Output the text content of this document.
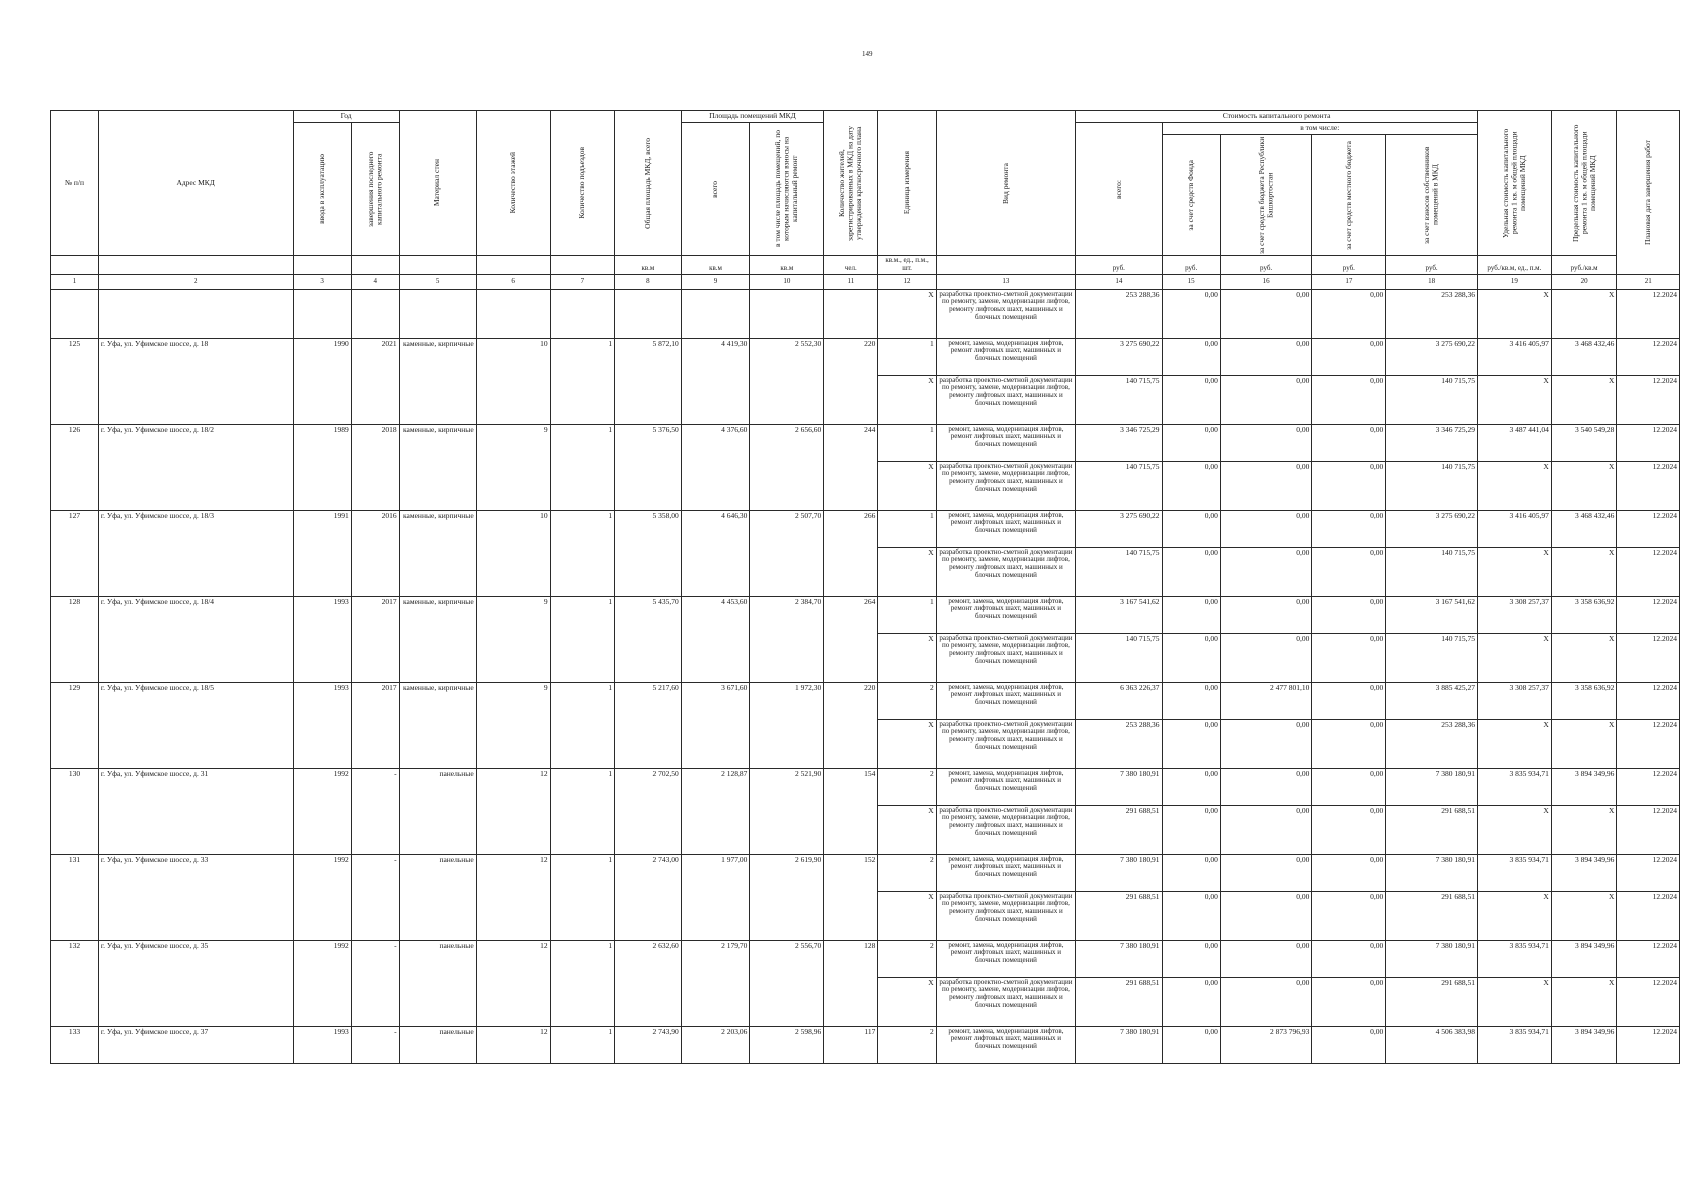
149
№ п/п	Адрес МКД	Год		Материал стен	Количество этажей	Количество подъездов	Общая площадь МКД, всего	Площадь помещений МКД		Количество жителей, зарегистрированных в МКД на дату утверждения краткосрочного плана	Единица измерения	Вид ремонта	Стоимость капитального ремонта					Удельная стоимость капитального ремонта 1 кв. м общей площади помещений МКД	Предельная стоимость капитального ремонта 1 кв. м общей площади помещений МКД	Плановая дата завершения работ

		ввода в эксплуатацию	завершения последнего капитального ремонта					всего	в том числе площадь помещений, по которым начисляются взносы на капитальный ремонт				всего:	в том числе:						

														за счет средств Фонда	за счет средств бюджета Республики Башкортостан	за счет средств местного бюджета	за счет взносов собственников помещений в МКД			

							кв.м	кв.м	кв.м	чел.	кв.м., ед., п.м., шт.		руб.	руб.	руб.	руб.	руб.	руб./кв.м, ед., п.м.	руб./кв.м	
1	2	3	4	5	6	7	8	9	10	11	12	13	14	15	16	17	18	19	20	21
											X	разработка проектно-сметной документации по ремонту, замене, модернизации лифтов, ремонту лифтовых шахт, машинных и блочных помещений	253 288,36	0,00	0,00	0,00	253 288,36	X	X	12.2024
125	г. Уфа, ул. Уфимское шоссе, д. 18	1990	2021	каменные, кирпичные	10	1	5 872,10	4 419,30	2 552,30	220	1	ремонт, замена, модернизация лифтов, ремонт лифтовых шахт, машинных и блочных помещений	3 275 690,22	0,00	0,00	0,00	3 275 690,22	3 416 405,97	3 468 432,46	12.2024
											X	разработка проектно-сметной документации по ремонту, замене, модернизации лифтов, ремонту лифтовых шахт, машинных и блочных помещений	140 715,75	0,00	0,00	0,00	140 715,75	X	X	12.2024
126	г. Уфа, ул. Уфимское шоссе, д. 18/2	1989	2018	каменные, кирпичные	9	1	5 376,50	4 376,60	2 656,60	244	1	ремонт, замена, модернизация лифтов, ремонт лифтовых шахт, машинных и блочных помещений	3 346 725,29	0,00	0,00	0,00	3 346 725,29	3 487 441,04	3 540 549,28	12.2024
											X	разработка проектно-сметной документации по ремонту, замене, модернизации лифтов, ремонту лифтовых шахт, машинных и блочных помещений	140 715,75	0,00	0,00	0,00	140 715,75	X	X	12.2024
127	г. Уфа, ул. Уфимское шоссе, д. 18/3	1991	2016	каменные, кирпичные	10	1	5 358,00	4 646,30	2 507,70	266	1	ремонт, замена, модернизация лифтов, ремонт лифтовых шахт, машинных и блочных помещений	3 275 690,22	0,00	0,00	0,00	3 275 690,22	3 416 405,97	3 468 432,46	12.2024
											X	разработка проектно-сметной документации по ремонту, замене, модернизации лифтов, ремонту лифтовых шахт, машинных и блочных помещений	140 715,75	0,00	0,00	0,00	140 715,75	X	X	12.2024
128	г. Уфа, ул. Уфимское шоссе, д. 18/4	1993	2017	каменные, кирпичные	9	1	5 435,70	4 453,60	2 384,70	264	1	ремонт, замена, модернизация лифтов, ремонт лифтовых шахт, машинных и блочных помещений	3 167 541,62	0,00	0,00	0,00	3 167 541,62	3 308 257,37	3 358 636,92	12.2024
											X	разработка проектно-сметной документации по ремонту, замене, модернизации лифтов, ремонту лифтовых шахт, машинных и блочных помещений	140 715,75	0,00	0,00	0,00	140 715,75	X	X	12.2024
129	г. Уфа, ул. Уфимское шоссе, д. 18/5	1993	2017	каменные, кирпичные	9	1	5 217,60	3 671,60	1 972,30	220	2	ремонт, замена, модернизация лифтов, ремонт лифтовых шахт, машинных и блочных помещений	6 363 226,37	0,00	2 477 801,10	0,00	3 885 425,27	3 308 257,37	3 358 636,92	12.2024
											X	разработка проектно-сметной документации по ремонту, замене, модернизации лифтов, ремонту лифтовых шахт, машинных и блочных помещений	253 288,36	0,00	0,00	0,00	253 288,36	X	X	12.2024
130	г. Уфа, ул. Уфимское шоссе, д. 31	1992	-	панельные	12	1	2 702,50	2 128,87	2 521,90	154	2	ремонт, замена, модернизация лифтов, ремонт лифтовых шахт, машинных и блочных помещений	7 380 180,91	0,00	0,00	0,00	7 380 180,91	3 835 934,71	3 894 349,96	12.2024
											X	разработка проектно-сметной документации по ремонту, замене, модернизации лифтов, ремонту лифтовых шахт, машинных и блочных помещений	291 688,51	0,00	0,00	0,00	291 688,51	X	X	12.2024
131	г. Уфа, ул. Уфимское шоссе, д. 33	1992	-	панельные	12	1	2 743,00	1 977,00	2 619,90	152	2	ремонт, замена, модернизация лифтов, ремонт лифтовых шахт, машинных и блочных помещений	7 380 180,91	0,00	0,00	0,00	7 380 180,91	3 835 934,71	3 894 349,96	12.2024
											X	разработка проектно-сметной документации по ремонту, замене, модернизации лифтов, ремонту лифтовых шахт, машинных и блочных помещений	291 688,51	0,00	0,00	0,00	291 688,51	X	X	12.2024
132	г. Уфа, ул. Уфимское шоссе, д. 35	1992	-	панельные	12	1	2 632,60	2 179,70	2 556,70	128	2	ремонт, замена, модернизация лифтов, ремонт лифтовых шахт, машинных и блочных помещений	7 380 180,91	0,00	0,00	0,00	7 380 180,91	3 835 934,71	3 894 349,96	12.2024
											X	разработка проектно-сметной документации по ремонту, замене, модернизации лифтов, ремонту лифтовых шахт, машинных и блочных помещений	291 688,51	0,00	0,00	0,00	291 688,51	X	X	12.2024
133	г. Уфа, ул. Уфимское шоссе, д. 37	1993	-	панельные	12	1	2 743,90	2 203,06	2 598,96	117	2	ремонт, замена, модернизация лифтов, ремонт лифтовых шахт, машинных и блочных помещений	7 380 180,91	0,00	2 873 796,93	0,00	4 506 383,98	3 835 934,71	3 894 349,96	12.2024
